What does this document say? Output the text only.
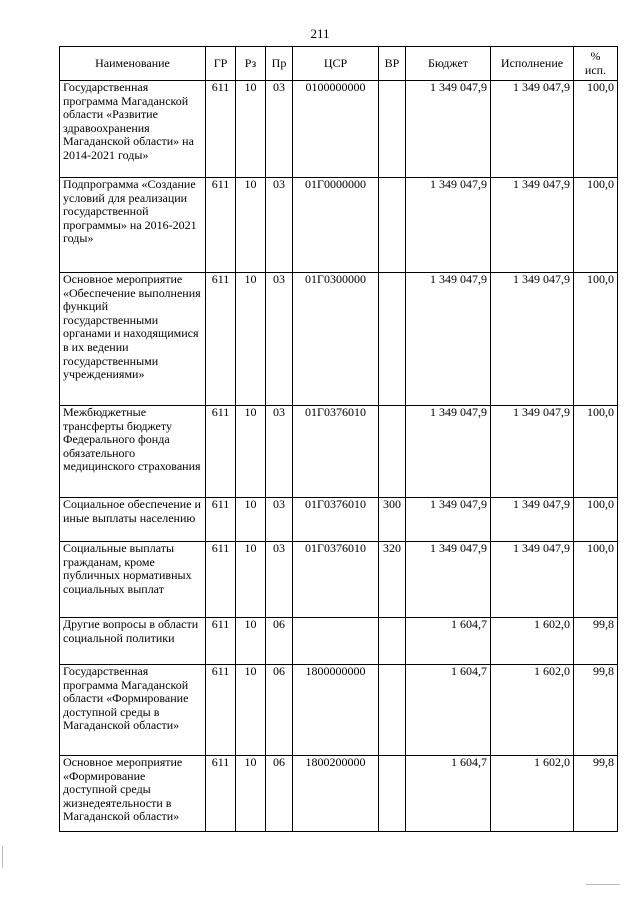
211
Наименование	ГР	Рз	Пр	ЦСР	ВР	Бюджет	Исполнение	% исп.
Государственная программа Магаданской области «Развитие здравоохранения Магаданской области» на 2014-2021 годы»	611	10	03	0100000000		1 349 047,9	1 349 047,9	100,0
Подпрограмма «Создание условий для реализации государственной программы» на 2016-2021 годы»	611	10	03	01Г0000000		1 349 047,9	1 349 047,9	100,0
Основное мероприятие «Обеспечение выполнения функций государственными органами и находящимися в их ведении государственными учреждениями»	611	10	03	01Г0300000		1 349 047,9	1 349 047,9	100,0
Межбюджетные трансферты бюджету Федерального фонда обязательного медицинского страхования	611	10	03	01Г0376010		1 349 047,9	1 349 047,9	100,0
Социальное обеспечение и иные выплаты населению	611	10	03	01Г0376010	300	1 349 047,9	1 349 047,9	100,0
Социальные выплаты гражданам, кроме публичных нормативных социальных выплат	611	10	03	01Г0376010	320	1 349 047,9	1 349 047,9	100,0
Другие вопросы в области социальной политики	611	10	06			1 604,7	1 602,0	99,8
Государственная программа Магаданской области «Формирование доступной среды в Магаданской области»	611	10	06	1800000000		1 604,7	1 602,0	99,8
Основное мероприятие «Формирование доступной среды жизнедеятельности в Магаданской области»	611	10	06	1800200000		1 604,7	1 602,0	99,8
